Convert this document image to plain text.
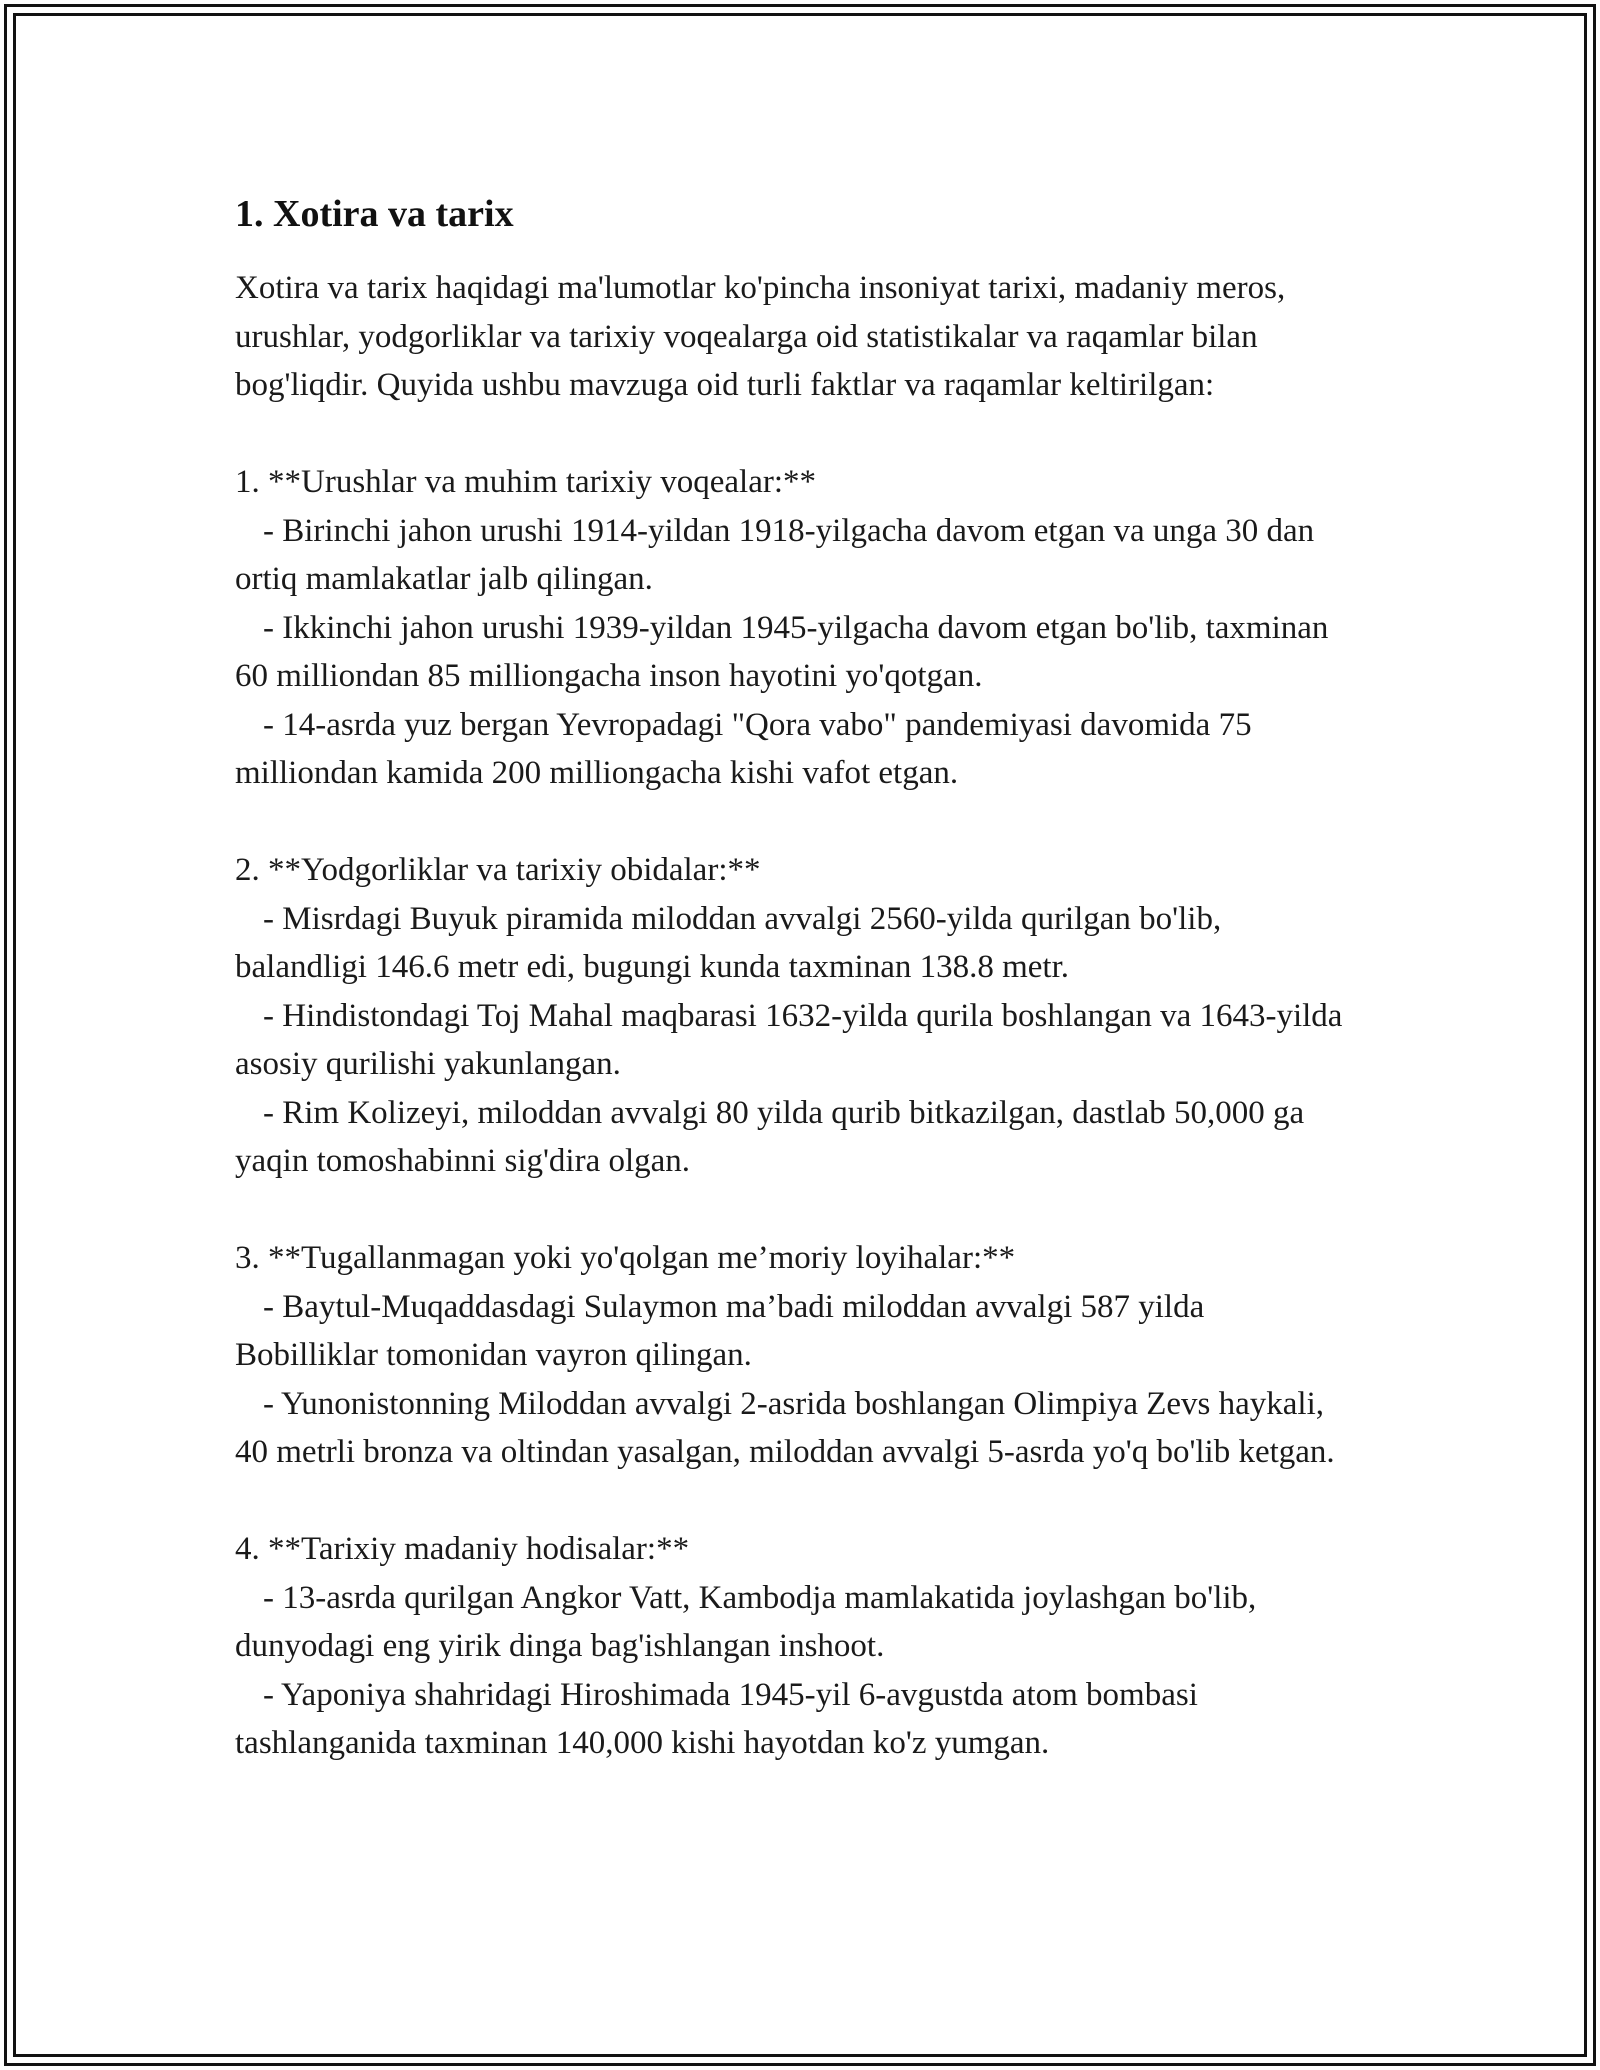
1. Xotira va tarix

Xotira va tarix haqidagi ma'lumotlar ko'pincha insoniyat tarixi, madaniy meros, urushlar, yodgorliklar va tarixiy voqealarga oid statistikalar va raqamlar bilan bog'liqdir. Quyida ushbu mavzuga oid turli faktlar va raqamlar keltirilgan:

1. **Urushlar va muhim tarixiy voqealar:**

- Birinchi jahon urushi 1914-yildan 1918-yilgacha davom etgan va unga 30 dan ortiq mamlakatlar jalb qilingan.

- Ikkinchi jahon urushi 1939-yildan 1945-yilgacha davom etgan bo'lib, taxminan 60 milliondan 85 milliongacha inson hayotini yo'qotgan.

- 14-asrda yuz bergan Yevropadagi "Qora vabo" pandemiyasi davomida 75 milliondan kamida 200 milliongacha kishi vafot etgan.

2. **Yodgorliklar va tarixiy obidalar:**

- Misrdagi Buyuk piramida miloddan avvalgi 2560-yilda qurilgan bo'lib, balandligi 146.6 metr edi, bugungi kunda taxminan 138.8 metr.

- Hindistondagi Toj Mahal maqbarasi 1632-yilda qurila boshlangan va 1643-yilda asosiy qurilishi yakunlangan.

- Rim Kolizeyi, miloddan avvalgi 80 yilda qurib bitkazilgan, dastlab 50,000 ga yaqin tomoshabinni sig'dira olgan.

3. **Tugallanmagan yoki yo'qolgan me’moriy loyihalar:**

- Baytul-Muqaddasdagi Sulaymon ma’badi miloddan avvalgi 587 yilda Bobilliklar tomonidan vayron qilingan.

- Yunonistonning Miloddan avvalgi 2-asrida boshlangan Olimpiya Zevs haykali, 40 metrli bronza va oltindan yasalgan, miloddan avvalgi 5-asrda yo'q bo'lib ketgan.

4. **Tarixiy madaniy hodisalar:**

- 13-asrda qurilgan Angkor Vatt, Kambodja mamlakatida joylashgan bo'lib, dunyodagi eng yirik dinga bag'ishlangan inshoot.

- Yaponiya shahridagi Hiroshimada 1945-yil 6-avgustda atom bombasi tashlanganida taxminan 140,000 kishi hayotdan ko'z yumgan.
